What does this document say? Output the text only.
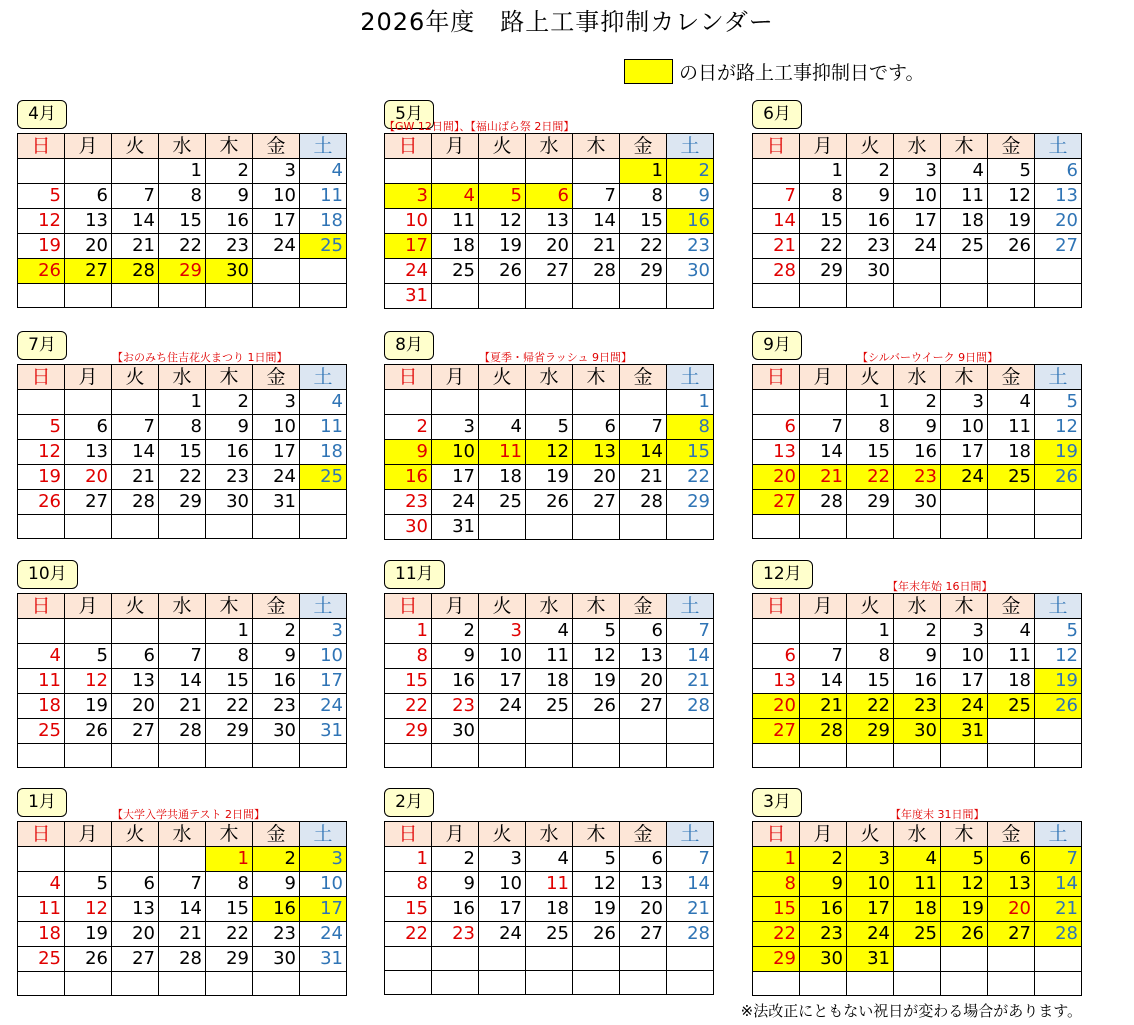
2026年度　路上工事抑制カレンダー
の日が路上工事抑制日です。
4月
日	月	火	水	木	金	土
			1	2	3	4
5	6	7	8	9	10	11
12	13	14	15	16	17	18
19	20	21	22	23	24	25
26	27	28	29	30		

5月
【GW 12日間】、【福山ばら祭 2日間】
日	月	火	水	木	金	土
					1	2
3	4	5	6	7	8	9
10	11	12	13	14	15	16
17	18	19	20	21	22	23
24	25	26	27	28	29	30
31						
6月
日	月	火	水	木	金	土
	1	2	3	4	5	6
7	8	9	10	11	12	13
14	15	16	17	18	19	20
21	22	23	24	25	26	27
28	29	30				

7月
【おのみち住吉花火まつり 1日間】
日	月	火	水	木	金	土
			1	2	3	4
5	6	7	8	9	10	11
12	13	14	15	16	17	18
19	20	21	22	23	24	25
26	27	28	29	30	31	

8月
【夏季・帰省ラッシュ 9日間】
日	月	火	水	木	金	土
						1
2	3	4	5	6	7	8
9	10	11	12	13	14	15
16	17	18	19	20	21	22
23	24	25	26	27	28	29
30	31					
9月
【シルバーウイーク 9日間】
日	月	火	水	木	金	土
		1	2	3	4	5
6	7	8	9	10	11	12
13	14	15	16	17	18	19
20	21	22	23	24	25	26
27	28	29	30			

10月
日	月	火	水	木	金	土
				1	2	3
4	5	6	7	8	9	10
11	12	13	14	15	16	17
18	19	20	21	22	23	24
25	26	27	28	29	30	31

11月
日	月	火	水	木	金	土
1	2	3	4	5	6	7
8	9	10	11	12	13	14
15	16	17	18	19	20	21
22	23	24	25	26	27	28
29	30					

12月
【年末年始 16日間】
日	月	火	水	木	金	土
		1	2	3	4	5
6	7	8	9	10	11	12
13	14	15	16	17	18	19
20	21	22	23	24	25	26
27	28	29	30	31		

1月
【大学入学共通テスト 2日間】
日	月	火	水	木	金	土
				1	2	3
4	5	6	7	8	9	10
11	12	13	14	15	16	17
18	19	20	21	22	23	24
25	26	27	28	29	30	31

2月
日	月	火	水	木	金	土
1	2	3	4	5	6	7
8	9	10	11	12	13	14
15	16	17	18	19	20	21
22	23	24	25	26	27	28

3月
【年度末 31日間】
日	月	火	水	木	金	土
1	2	3	4	5	6	7
8	9	10	11	12	13	14
15	16	17	18	19	20	21
22	23	24	25	26	27	28
29	30	31				

※法改正にともない祝日が変わる場合があります。
